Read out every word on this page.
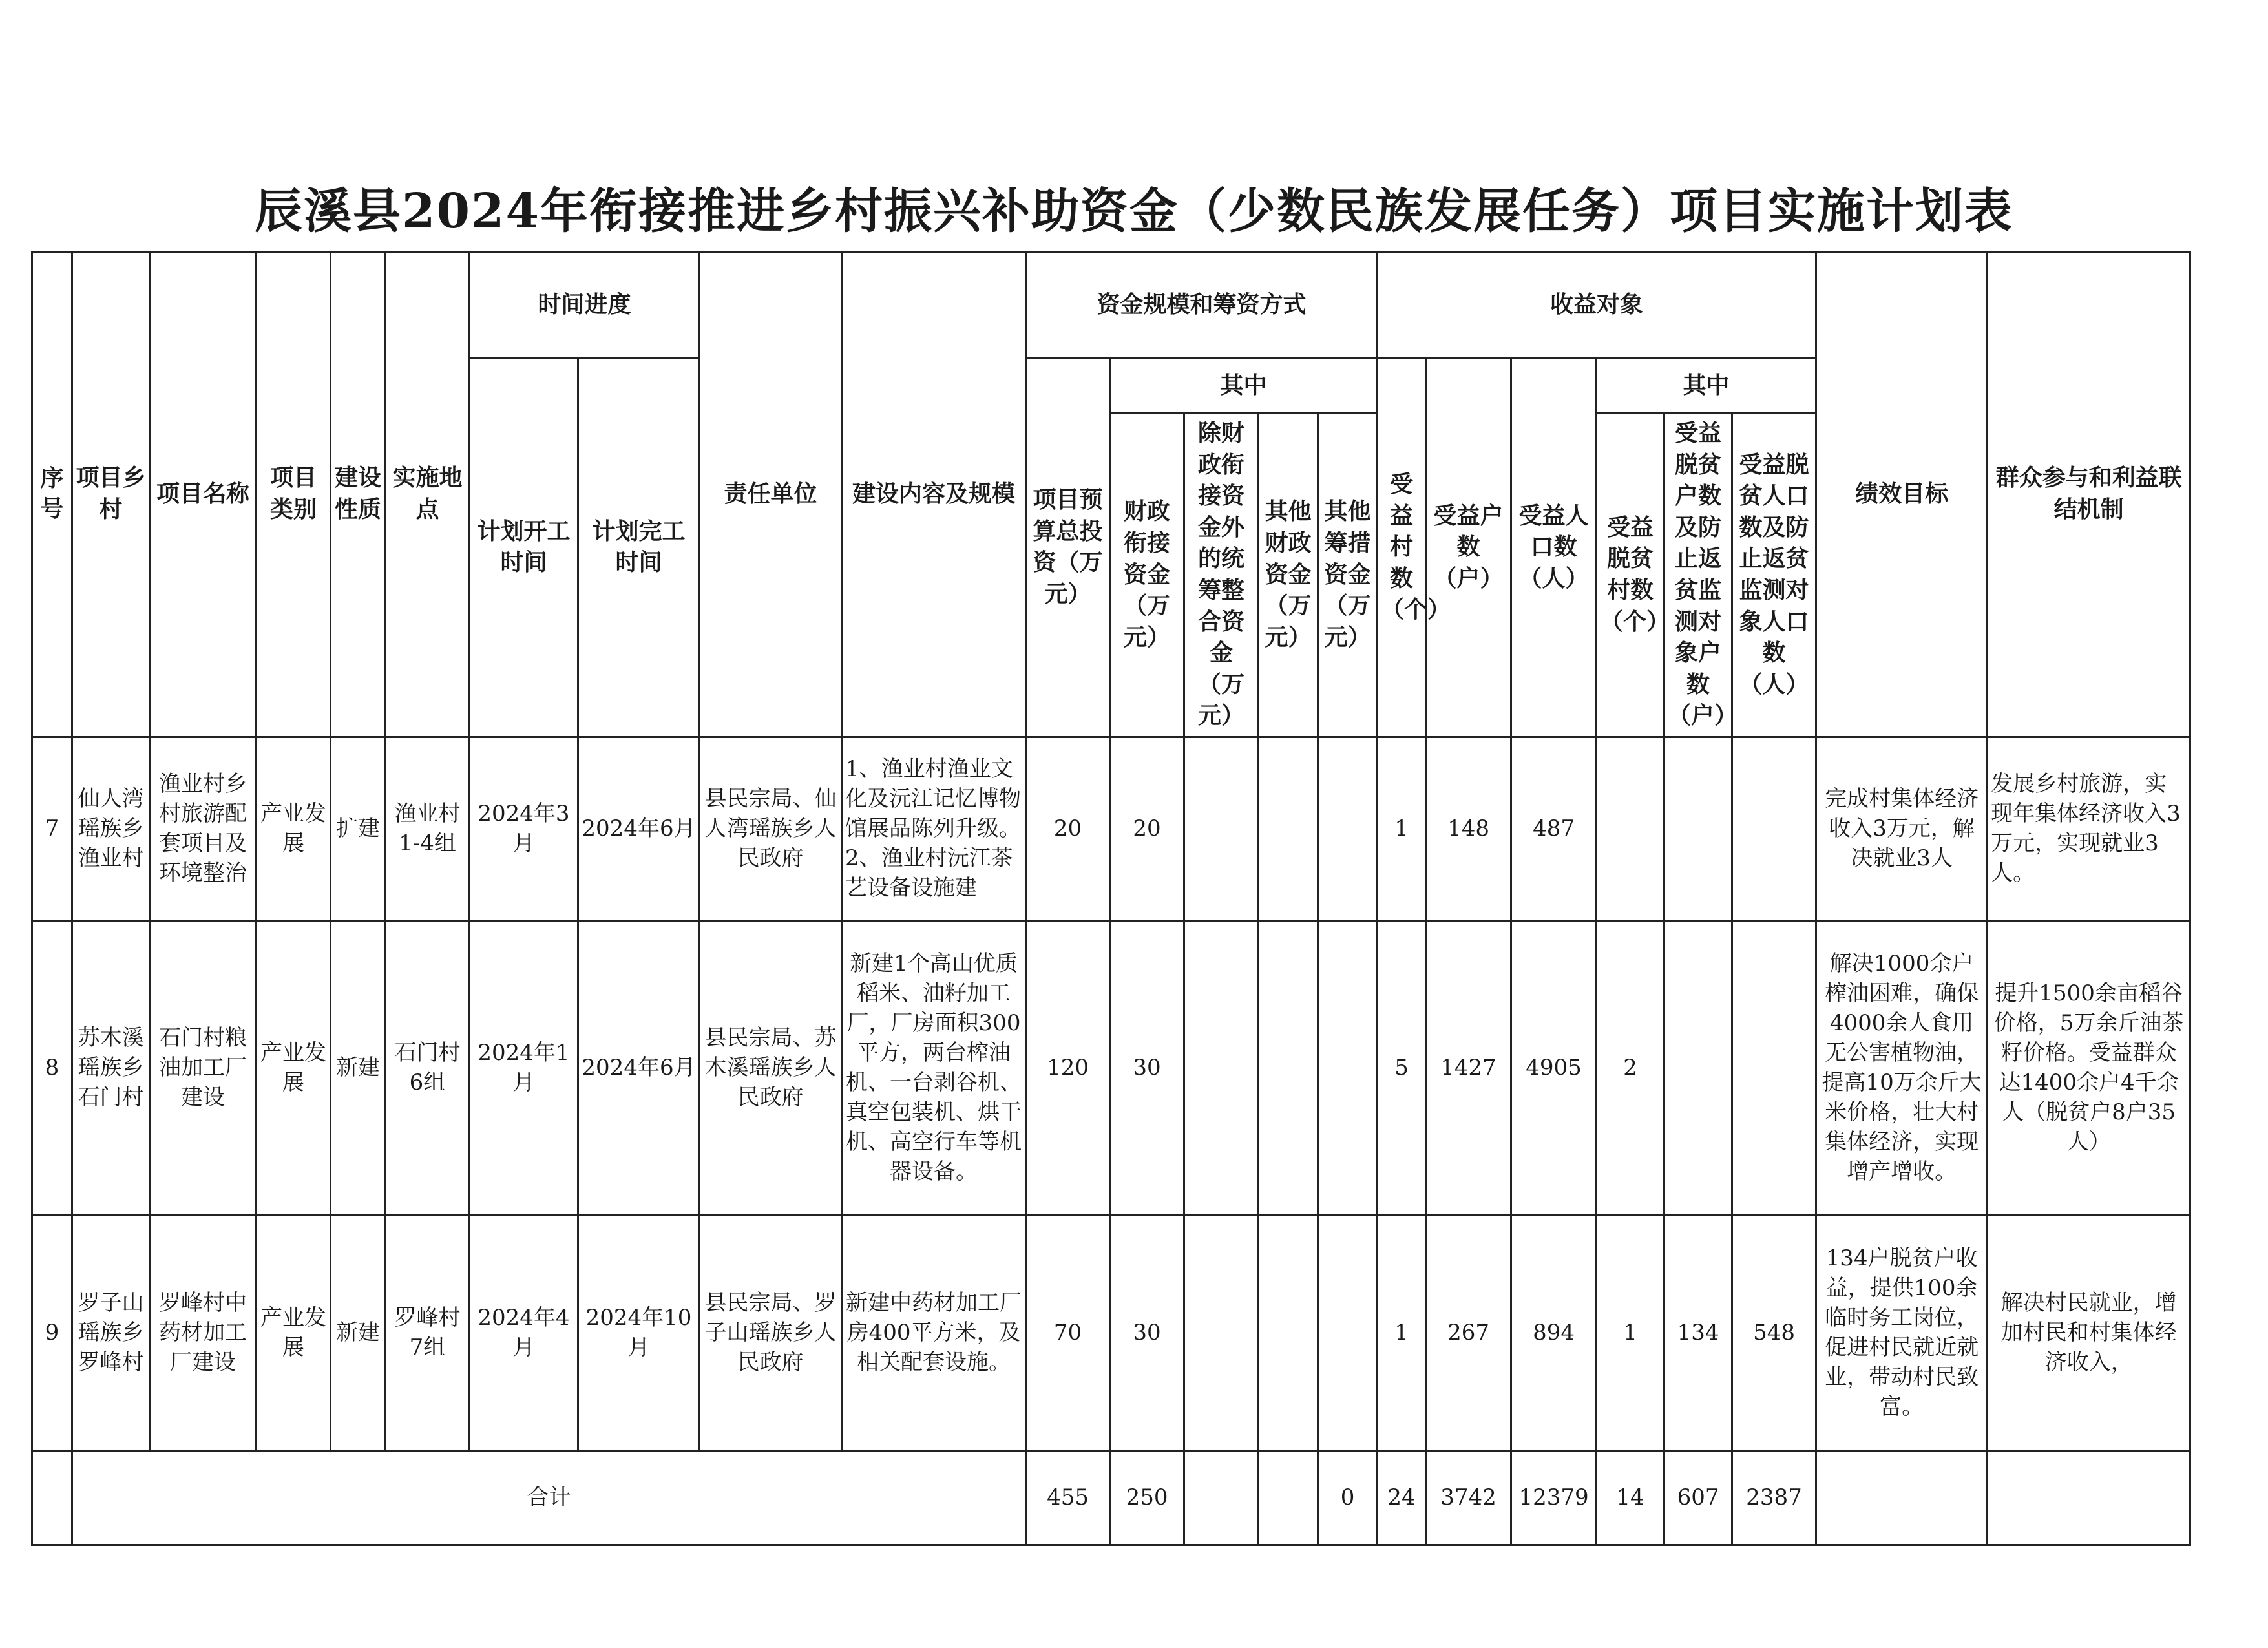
辰溪县2024年衔接推进乡村振兴补助资金（少数民族发展任务）项目实施计划表
序号	项目乡村	项目名称	项目类别	建设性质	实施地点	时间进度		责任单位	建设内容及规模	资金规模和筹资方式					收益对象						绩效目标	群众参与和利益联结机制
						计划开工时间	计划完工时间			项目预算总投资（万元）	其中				受益村数（个）	受益户数（户）	受益人口数（人）	其中				
											财政衔接资金（万元）	除财政衔接资金外的统筹整合资金（万元）	其他财政资金（万元）	其他筹措资金（万元）				受益脱贫村数（个）	受益脱贫户数及防止返贫监测对象户数（户）	受益脱贫人口数及防止返贫监测对象人口数（人）		
7	仙人湾瑶族乡渔业村	渔业村乡村旅游配套项目及环境整治	产业发展	扩建	渔业村1-4组	2024年3月	2024年6月	县民宗局、仙人湾瑶族乡人民政府	1、渔业村渔业文化及沅江记忆博物馆展品陈列升级。2、渔业村沅江茶艺设备设施建	20	20				1	148	487				完成村集体经济收入3万元，解决就业3人	发展乡村旅游，实现年集体经济收入3万元，实现就业3人。
8	苏木溪瑶族乡石门村	石门村粮油加工厂建设	产业发展	新建	石门村6组	2024年1月	2024年6月	县民宗局、苏木溪瑶族乡人民政府	新建1个高山优质稻米、油籽加工厂，厂房面积300平方，两台榨油机、一台剥谷机、真空包装机、烘干机、高空行车等机器设备。	120	30				5	1427	4905	2			解决1000余户榨油困难，确保4000余人食用无公害植物油，提高10万余斤大米价格，壮大村集体经济，实现增产增收。	提升1500余亩稻谷价格，5万余斤油茶籽价格。受益群众达1400余户4千余人（脱贫户8户35人）
9	罗子山瑶族乡罗峰村	罗峰村中药材加工厂建设	产业发展	新建	罗峰村7组	2024年4月	2024年10月	县民宗局、罗子山瑶族乡人民政府	新建中药材加工厂房400平方米，及相关配套设施。	70	30				1	267	894	1	134	548	134户脱贫户收益，提供100余临时务工岗位，促进村民就近就业，带动村民致富。	解决村民就业，增加村民和村集体经济收入，
	合计									455	250			0	24	3742	12379	14	607	2387		
